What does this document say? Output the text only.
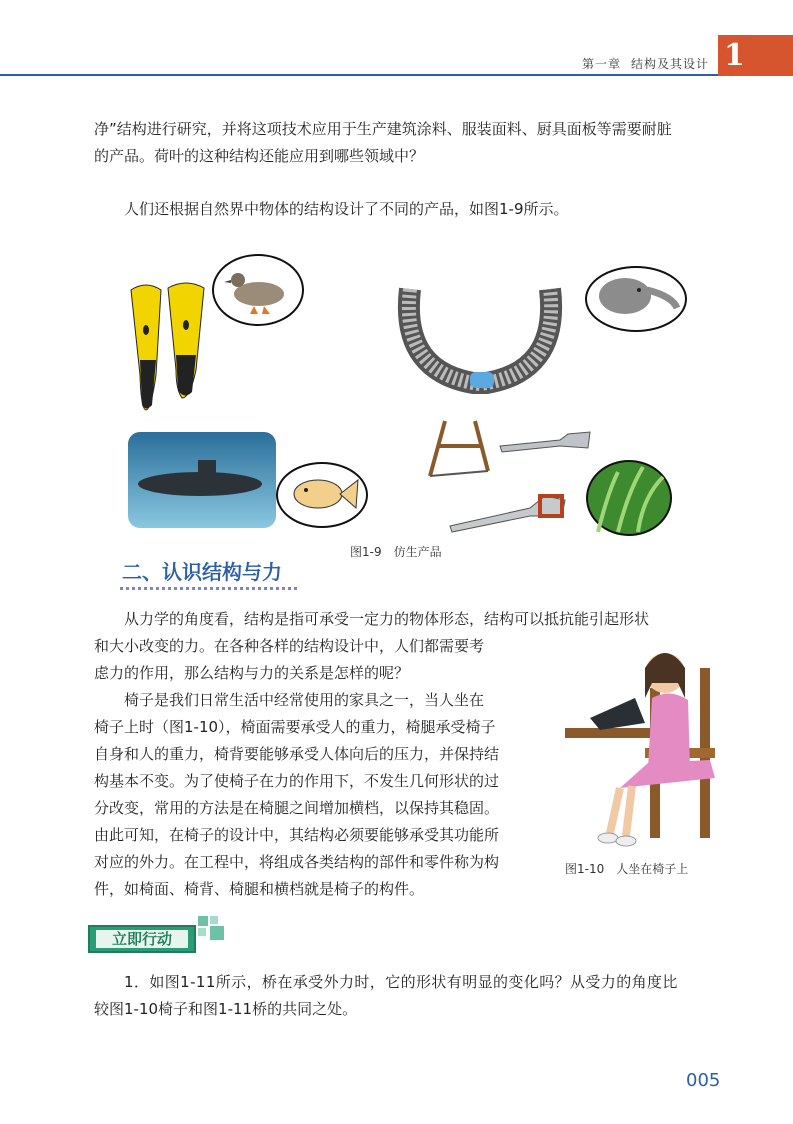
第一章 结构及其设计 1
净”结构进行研究，并将这项技术应用于生产建筑涂料、服装面料、厨具面板等需要耐脏
的产品。荷叶的这种结构还能应用到哪些领域中？
人们还根据自然界中物体的结构设计了不同的产品，如图1-9所示。
图1-9　仿生产品
二、认识结构与力
从力学的角度看，结构是指可承受一定力的物体形态，结构可以抵抗能引起形状
和大小改变的力。在各种各样的结构设计中，人们都需要考
虑力的作用，那么结构与力的关系是怎样的呢？
椅子是我们日常生活中经常使用的家具之一，当人坐在
椅子上时（图1-10），椅面需要承受人的重力，椅腿承受椅子
自身和人的重力，椅背要能够承受人体向后的压力，并保持结
构基本不变。为了使椅子在力的作用下，不发生几何形状的过
分改变，常用的方法是在椅腿之间增加横档，以保持其稳固。
由此可知，在椅子的设计中，其结构必须要能够承受其功能所
对应的外力。在工程中，将组成各类结构的部件和零件称为构
件，如椅面、椅背、椅腿和横档就是椅子的构件。
图1-10　人坐在椅子上
立即行动
1．如图1-11所示，桥在承受外力时，它的形状有明显的变化吗？从受力的角度比
较图1-10椅子和图1-11桥的共同之处。
005
